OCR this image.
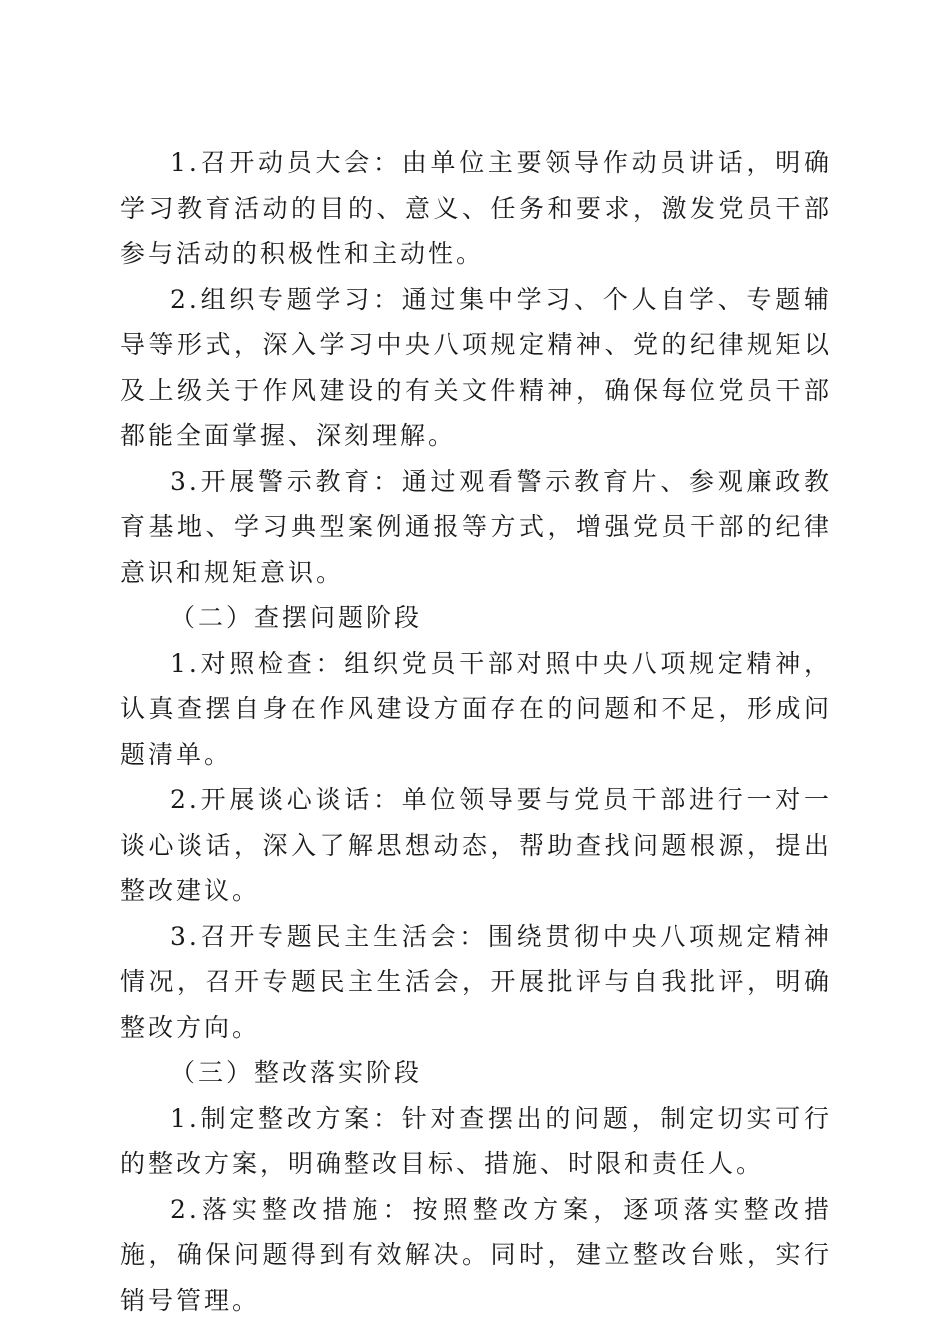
1.召开动员大会：由单位主要领导作动员讲话，明确学习教育活动的目的、意义、任务和要求，激发党员干部参与活动的积极性和主动性。

2.组织专题学习：通过集中学习、个人自学、专题辅导等形式，深入学习中央八项规定精神、党的纪律规矩以及上级关于作风建设的有关文件精神，确保每位党员干部都能全面掌握、深刻理解。

3.开展警示教育：通过观看警示教育片、参观廉政教育基地、学习典型案例通报等方式，增强党员干部的纪律意识和规矩意识。

（二）查摆问题阶段

1.对照检查：组织党员干部对照中央八项规定精神，认真查摆自身在作风建设方面存在的问题和不足，形成问题清单。

2.开展谈心谈话：单位领导要与党员干部进行一对一谈心谈话，深入了解思想动态，帮助查找问题根源，提出整改建议。

3.召开专题民主生活会：围绕贯彻中央八项规定精神情况，召开专题民主生活会，开展批评与自我批评，明确整改方向。

（三）整改落实阶段

1.制定整改方案：针对查摆出的问题，制定切实可行的整改方案，明确整改目标、措施、时限和责任人。

2.落实整改措施：按照整改方案，逐项落实整改措施，确保问题得到有效解决。同时，建立整改台账，实行销号管理。
